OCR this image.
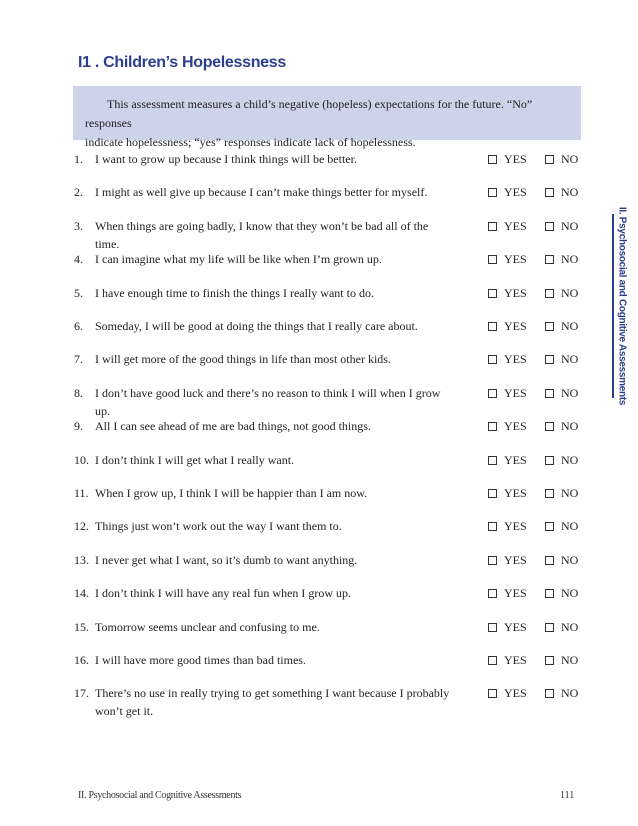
I1 . Children’s Hopelessness
This assessment measures a child’s negative (hopeless) expectations for the future. “No” responses
indicate hopelessness; “yes” responses indicate lack of hopelessness.
1.	I want to grow up because I think things will be better.	YES	NO
2.	I might as well give up because I can’t make things better for myself.	YES	NO
3.	When things are going badly, I know that they won’t be bad all of the time.
YES	NO
4.	I can imagine what my life will be like when I’m grown up.	YES	NO
5.	I have enough time to finish the things I really want to do.	YES	NO
6.	Someday, I will be good at doing the things that I really care about.	YES	NO
7.	I will get more of the good things in life than most other kids.	YES	NO
8.	I don’t have good luck and there’s no reason to think I will when I grow up.
YES	NO
9.	All I can see ahead of me are bad things, not good things.	YES	NO
10. I don’t think I will get what I really want.	YES	NO
11. When I grow up, I think I will be happier than I am now.	YES	NO
12. Things just won’t work out the way I want them to.	YES	NO
13. I never get what I want, so it’s dumb to want anything.	YES	NO
14. I don’t think I will have any real fun when I grow up.	YES	NO
15. Tomorrow seems unclear and confusing to me.	YES	NO
16. I will have more good times than bad times.	YES	NO
17. There’s no use in really trying to get something I want because I probably won’t get it.
YES	NO
II. Psychosocial and Cognitive Assessments
II. Psychosocial and Cognitive Assessments	111
